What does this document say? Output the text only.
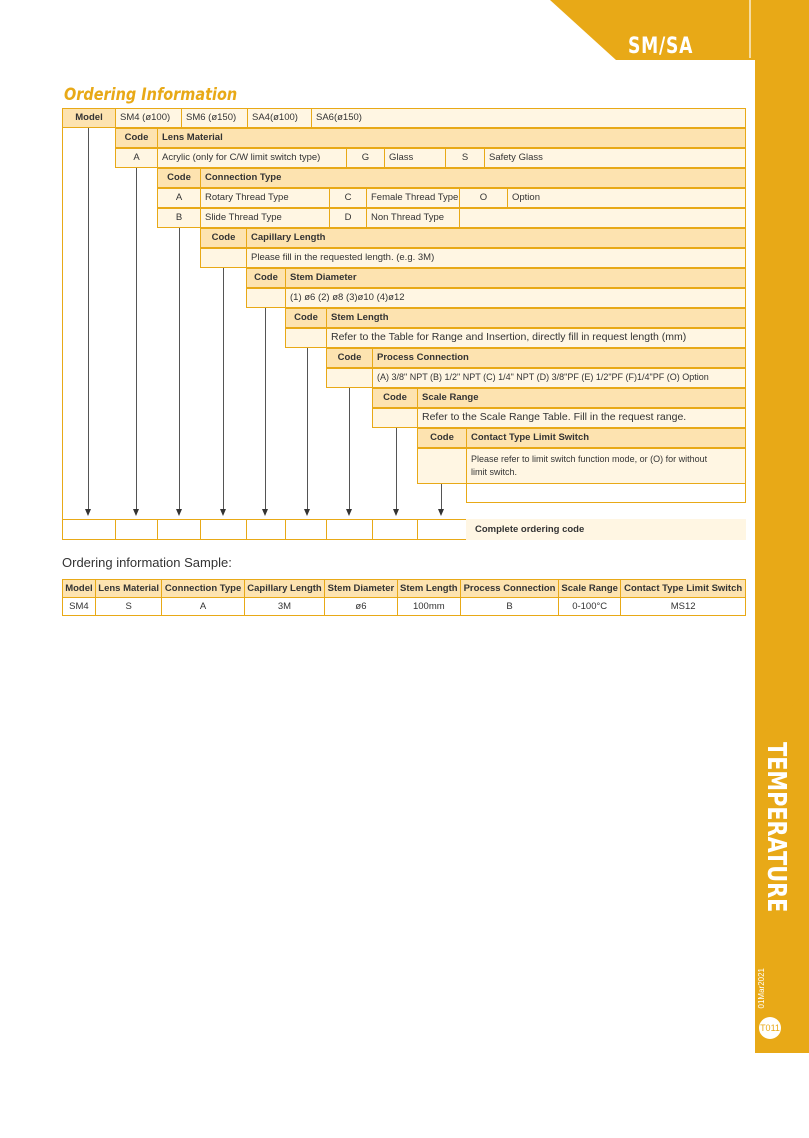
SM/SA
TEMPERATURE
01Mar2021
T011
Ordering Information
Model	SM4 (ø100)	SM6 (ø150)	SA4(ø100)	SA6(ø150)
Code	Lens Material
A	Acrylic (only for C/W limit switch type)	G	Glass	S	Safety Glass
Code	Connection Type
A	Rotary Thread Type	C	Female Thread Type	O	Option
B	Slide Thread Type	D	Non Thread Type
Code	Capillary Length
Please fill in the requested length. (e.g. 3M)
Code	Stem Diameter
(1) ø6 (2) ø8 (3)ø10 (4)ø12
Code	Stem Length
Refer to the Table for Range and Insertion, directly fill in request length (mm)
Code	Process Connection
(A) 3/8" NPT (B) 1/2" NPT (C) 1/4" NPT (D) 3/8"PF (E) 1/2"PF (F)1/4"PF (O) Option
Code	Scale Range
Refer to the Scale Range Table. Fill in the request range.
Code	Contact Type Limit Switch
Please refer to limit switch function mode, or (O) for without
limit switch.
Complete ordering code
Ordering information Sample:
Model	Lens Material	Connection Type	Capillary Length	Stem Diameter	Stem Length	Process Connection	Scale Range	Contact Type Limit Switch
SM4	S	A	3M	ø6	100mm	B	0-100°C	MS12
